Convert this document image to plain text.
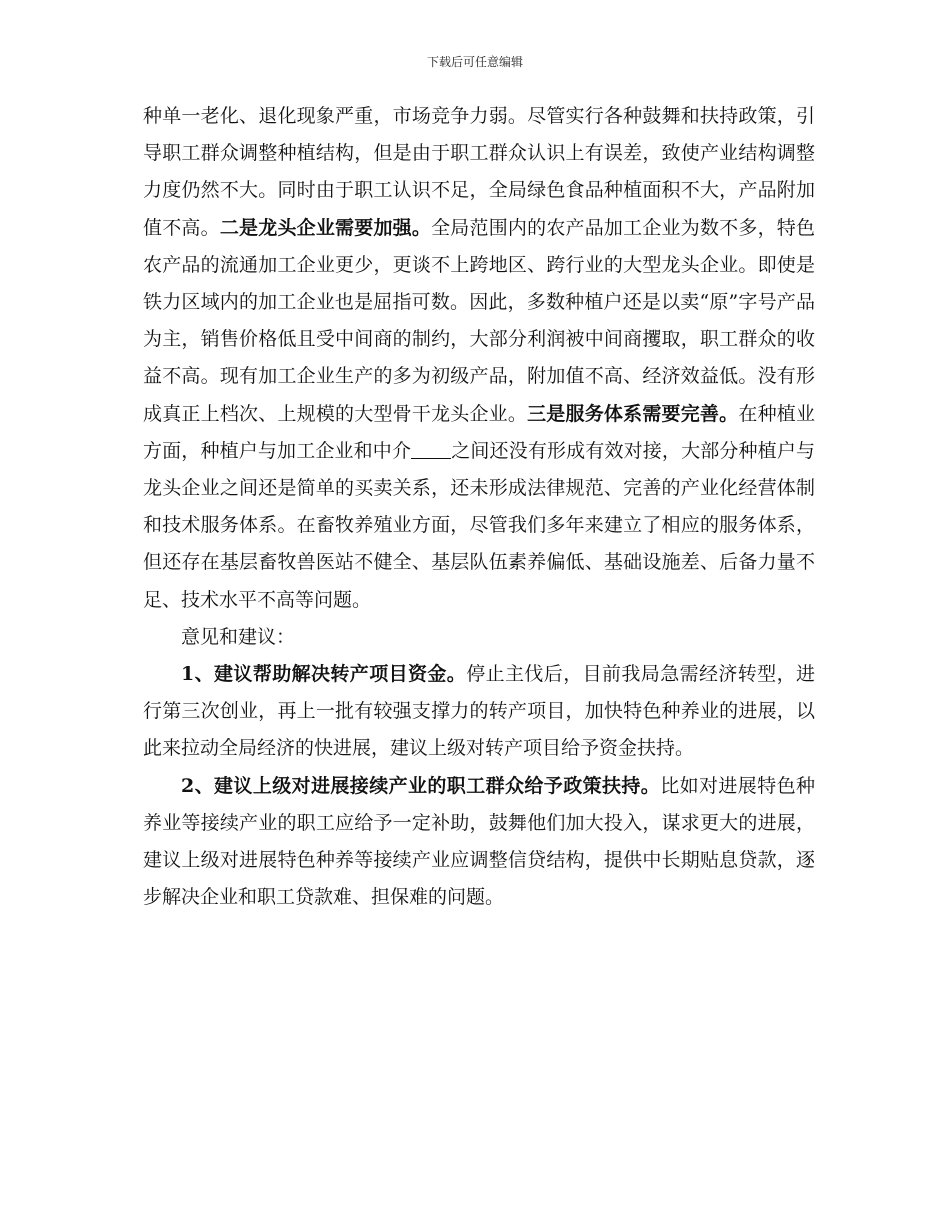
下载后可任意编辑

种单一老化、退化现象严重，市场竞争力弱。尽管实行各种鼓舞和扶持政策，引导职工群众调整种植结构，但是由于职工群众认识上有误差，致使产业结构调整力度仍然不大。同时由于职工认识不足，全局绿色食品种植面积不大，产品附加值不高。二是龙头企业需要加强。全局范围内的农产品加工企业为数不多，特色农产品的流通加工企业更少，更谈不上跨地区、跨行业的大型龙头企业。即使是铁力区域内的加工企业也是屈指可数。因此，多数种植户还是以卖“原”字号产品为主，销售价格低且受中间商的制约，大部分利润被中间商攫取，职工群众的收益不高。现有加工企业生产的多为初级产品，附加值不高、经济效益低。没有形成真正上档次、上规模的大型骨干龙头企业。三是服务体系需要完善。在种植业方面，种植户与加工企业和中介 之间还没有形成有效对接，大部分种植户与龙头企业之间还是简单的买卖关系，还未形成法律规范、完善的产业化经营体制和技术服务体系。在畜牧养殖业方面，尽管我们多年来建立了相应的服务体系，但还存在基层畜牧兽医站不健全、基层队伍素养偏低、基础设施差、后备力量不足、技术水平不高等问题。

意见和建议：

1、建议帮助解决转产项目资金。停止主伐后，目前我局急需经济转型，进行第三次创业，再上一批有较强支撑力的转产项目，加快特色种养业的进展，以此来拉动全局经济的快进展，建议上级对转产项目给予资金扶持。

2、建议上级对进展接续产业的职工群众给予政策扶持。比如对进展特色种养业等接续产业的职工应给予一定补助，鼓舞他们加大投入，谋求更大的进展，建议上级对进展特色种养等接续产业应调整信贷结构，提供中长期贴息贷款，逐步解决企业和职工贷款难、担保难的问题。
